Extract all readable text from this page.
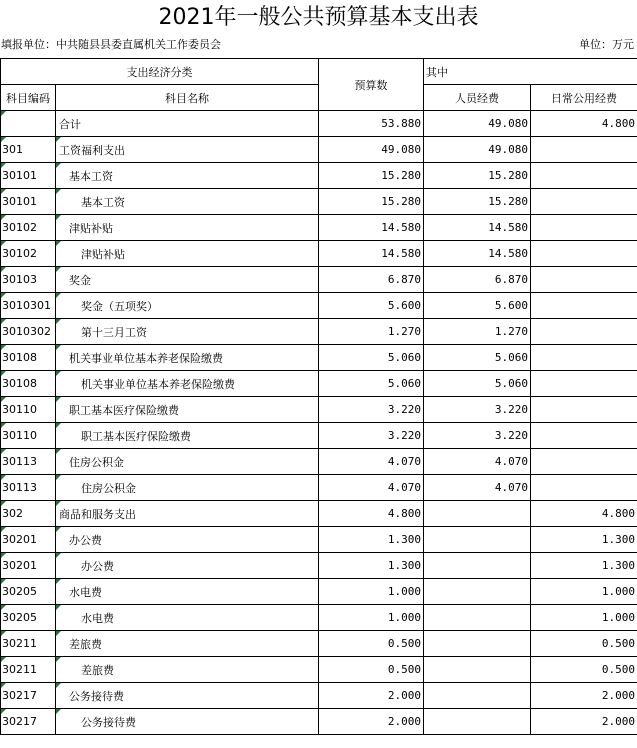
2021年一般公共预算基本支出表
填报单位：中共随县县委直属机关工作委员会	单位：万元
支出经济分类		预算数	其中	
科目编码	科目名称		人员经费	日常公用经费
	合计	53.880	49.080	4.800
301	工资福利支出	49.080	49.080	
30101	基本工资	15.280	15.280	
30101	基本工资	15.280	15.280	
30102	津贴补贴	14.580	14.580	
30102	津贴补贴	14.580	14.580	
30103	奖金	6.870	6.870	
3010301	奖金（五项奖）	5.600	5.600	
3010302	第十三月工资	1.270	1.270	
30108	机关事业单位基本养老保险缴费	5.060	5.060	
30108	机关事业单位基本养老保险缴费	5.060	5.060	
30110	职工基本医疗保险缴费	3.220	3.220	
30110	职工基本医疗保险缴费	3.220	3.220	
30113	住房公积金	4.070	4.070	
30113	住房公积金	4.070	4.070	
302	商品和服务支出	4.800		4.800
30201	办公费	1.300		1.300
30201	办公费	1.300		1.300
30205	水电费	1.000		1.000
30205	水电费	1.000		1.000
30211	差旅费	0.500		0.500
30211	差旅费	0.500		0.500
30217	公务接待费	2.000		2.000
30217	公务接待费	2.000		2.000
